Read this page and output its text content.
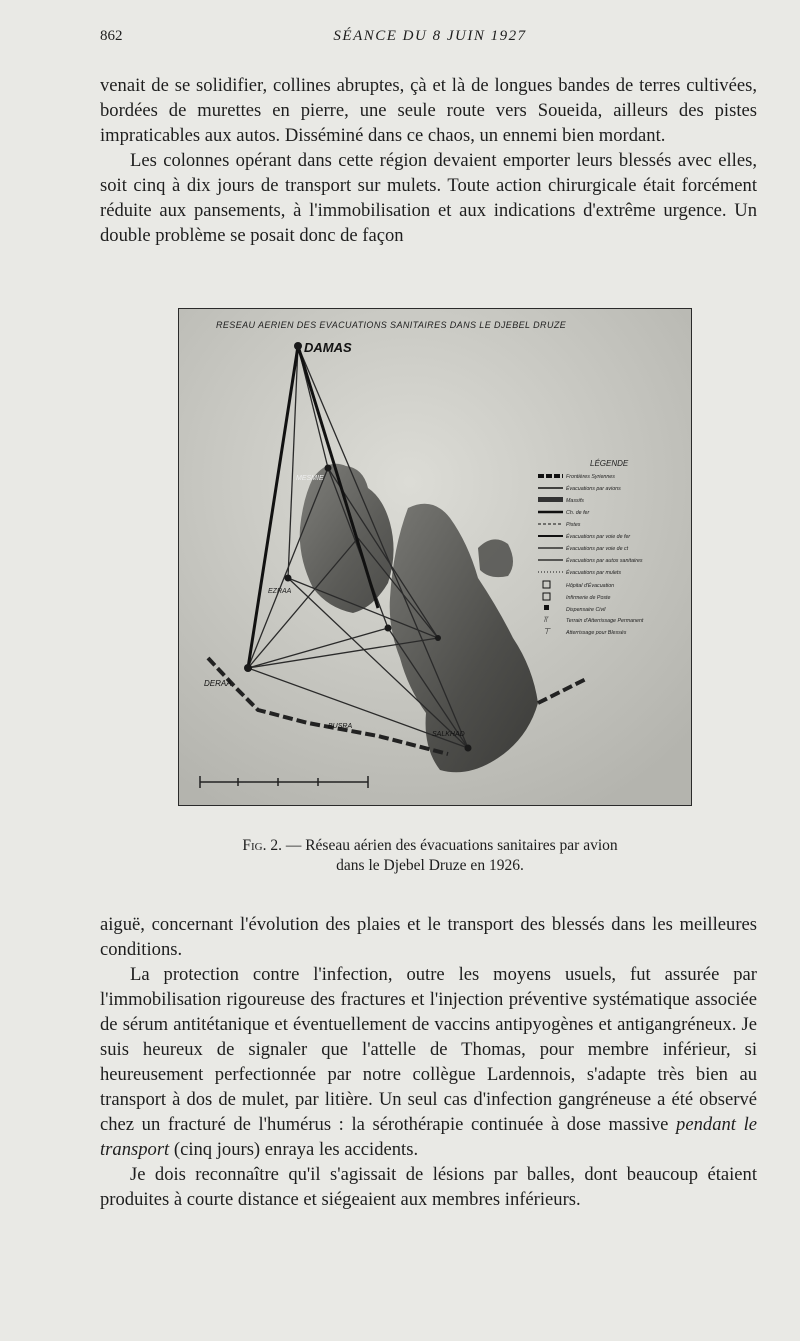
862	SÉANCE DU 8 JUIN 1927

venait de se solidifier, collines abruptes, çà et là de longues bandes de terres cultivées, bordées de murettes en pierre, une seule route vers Soueida, ailleurs des pistes impraticables aux autos. Disséminé dans ce chaos, un ennemi bien mordant.

Les colonnes opérant dans cette région devaient emporter leurs blessés avec elles, soit cinq à dix jours de transport sur mulets. Toute action chirurgicale était forcément réduite aux pansements, à l'immobilisation et aux indications d'extrême urgence. Un double problème se posait donc de façon

RESEAU AERIEN DES EVACUATIONS SANITAIRES DANS LE DJEBEL DRUZE
DAMAS
MESMIE
EZRAA
DERAA
SALKHAD
BUSRA
LÉGENDE
Frontières Syriennes
Évacuations par avions
Massifs
Ch. de fer
Pistes
Évacuations par voie de fer
Évacuations par voie de ct
Évacuations par autos sanitaires
Évacuations par mulets
Hôpital d'Évacuation
Infirmerie de Poste
Dispensaire Civil
⫪	Terrain d'Atterrissage Permanent
⊤	Atterrissage pour Blessés
Fig. 2. — Réseau aérien des évacuations sanitaires par avion
dans le Djebel Druze en 1926.

aiguë, concernant l'évolution des plaies et le transport des blessés dans les meilleures conditions.

La protection contre l'infection, outre les moyens usuels, fut assurée par l'immobilisation rigoureuse des fractures et l'injection préventive systématique associée de sérum antitétanique et éventuellement de vaccins antipyogènes et antigangréneux. Je suis heureux de signaler que l'attelle de Thomas, pour membre inférieur, si heureusement perfectionnée par notre collègue Lardennois, s'adapte très bien au transport à dos de mulet, par litière. Un seul cas d'infection gangréneuse a été observé chez un fracturé de l'humérus : la sérothérapie continuée à dose massive pendant le transport (cinq jours) enraya les accidents.

Je dois reconnaître qu'il s'agissait de lésions par balles, dont beaucoup étaient produites à courte distance et siégeaient aux membres inférieurs.
